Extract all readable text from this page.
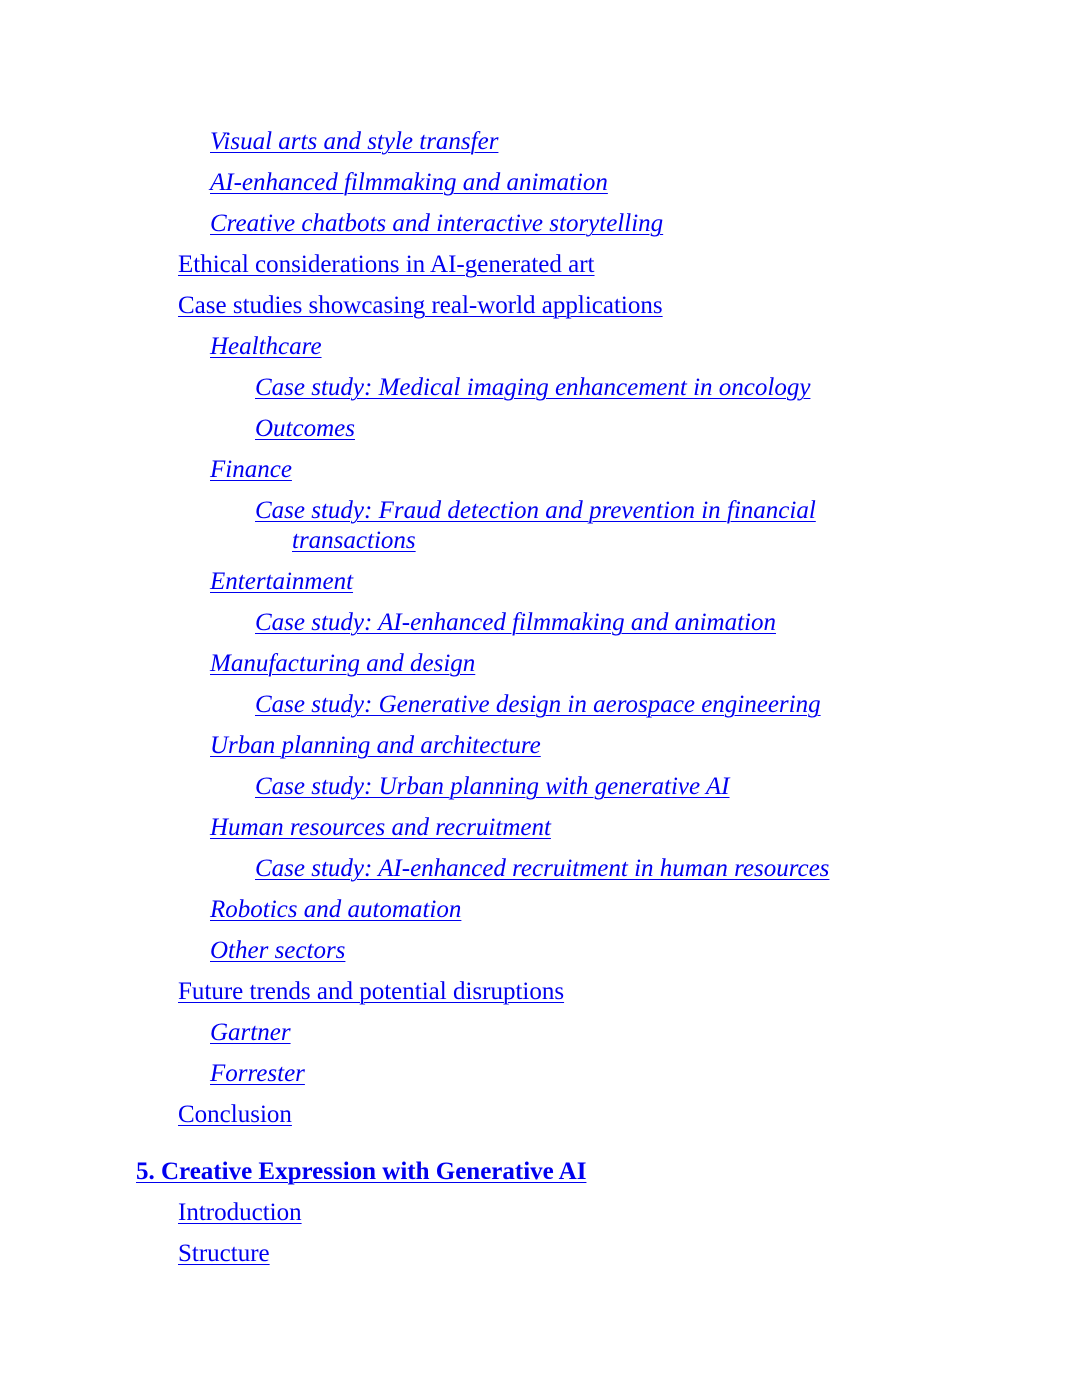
Visual arts and style transfer
AI-enhanced filmmaking and animation
Creative chatbots and interactive storytelling
Ethical considerations in AI-generated art
Case studies showcasing real-world applications
Healthcare
Case study: Medical imaging enhancement in oncology
Outcomes
Finance
Case study: Fraud detection and prevention in financial
transactions
Entertainment
Case study: AI-enhanced filmmaking and animation
Manufacturing and design
Case study: Generative design in aerospace engineering
Urban planning and architecture
Case study: Urban planning with generative AI
Human resources and recruitment
Case study: AI-enhanced recruitment in human resources
Robotics and automation
Other sectors
Future trends and potential disruptions
Gartner
Forrester
Conclusion
5. Creative Expression with Generative AI
Introduction
Structure
